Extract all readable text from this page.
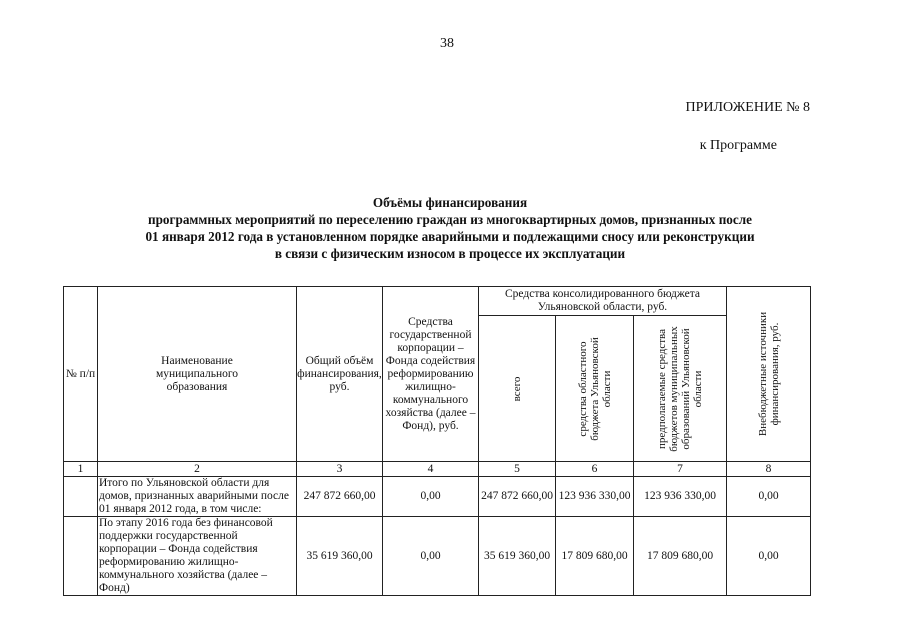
38
ПРИЛОЖЕНИЕ № 8
к Программе
Объёмы финансирования
программных мероприятий по переселению граждан из многоквартирных домов, признанных после
01 января 2012 года в установленном порядке аварийными и подлежащими сносу или реконструкции
в связи с физическим износом в процессе их эксплуатации
№ п/п	Наименование муниципального образования	Общий объём финансирования, руб.	Средства государственной корпорации – Фонда содействия реформированию жилищно-коммунального хозяйства (далее – Фонд), руб.	Средства консолидированного бюджета Ульяновской области, руб.			Внебюджетные источники финансирования, руб.

				всего	средства областного бюджета Ульяновской области	предполагаемые средства бюджетов муниципальных образований Ульяновской области	

1	2	3	4	5	6	7	8
	Итого по Ульяновской области для домов, признанных аварийными после 01 января 2012 года, в том числе:	247 872 660,00	0,00	247 872 660,00	123 936 330,00	123 936 330,00	0,00
	По этапу 2016 года без финансовой поддержки государственной корпорации – Фонда содействия реформированию жилищно-коммунального хозяйства (далее – Фонд)	35 619 360,00	0,00	35 619 360,00	17 809 680,00	17 809 680,00	0,00
